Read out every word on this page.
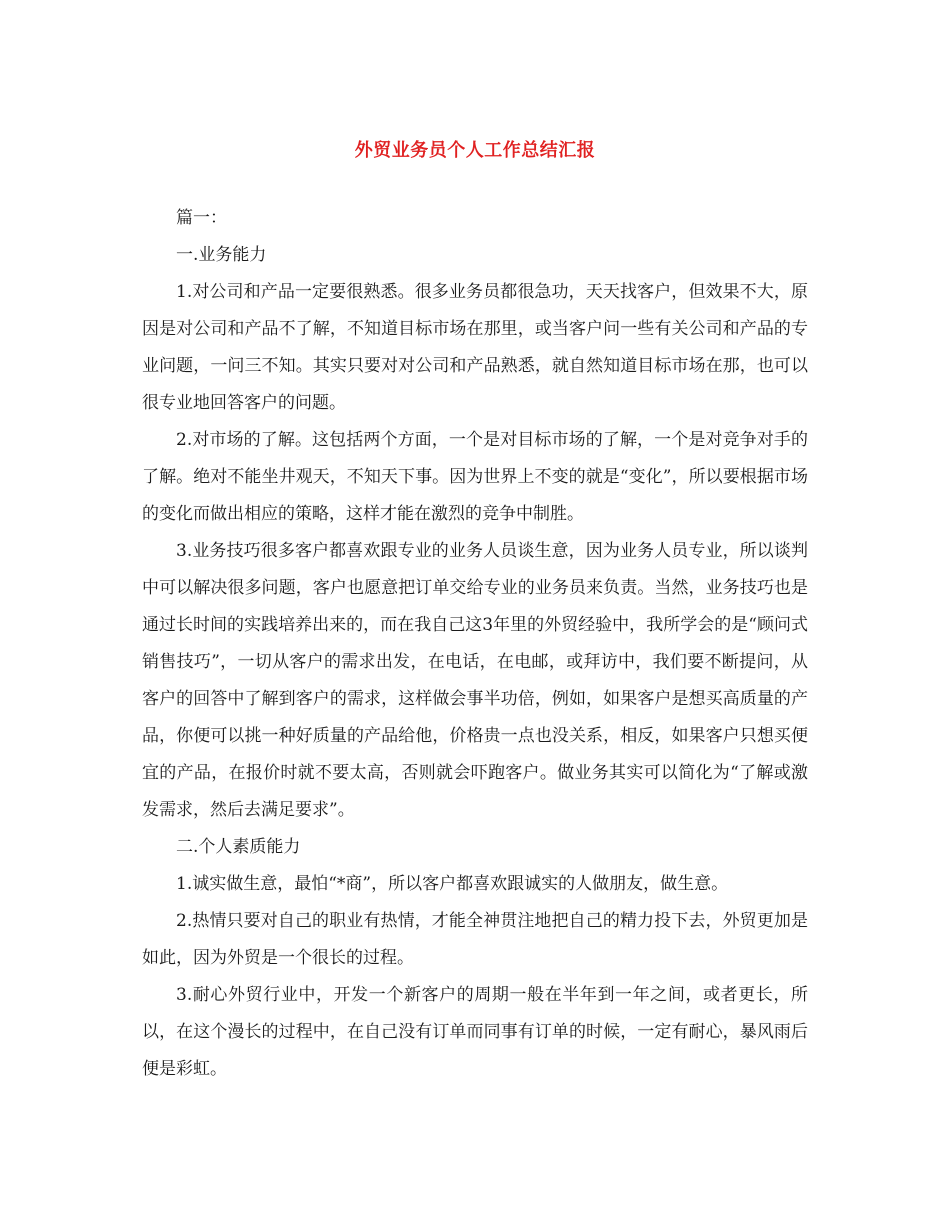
外贸业务员个人工作总结汇报

篇一：

一.业务能力

1.对公司和产品一定要很熟悉。很多业务员都很急功，天天找客户，但效果不大，原因是对公司和产品不了解，不知道目标市场在那里，或当客户问一些有关公司和产品的专业问题，一问三不知。其实只要对对公司和产品熟悉，就自然知道目标市场在那，也可以很专业地回答客户的问题。

2.对市场的了解。这包括两个方面，一个是对目标市场的了解，一个是对竞争对手的了解。绝对不能坐井观天，不知天下事。因为世界上不变的就是“变化”，所以要根据市场的变化而做出相应的策略，这样才能在激烈的竞争中制胜。

3.业务技巧很多客户都喜欢跟专业的业务人员谈生意，因为业务人员专业，所以谈判中可以解决很多问题，客户也愿意把订单交给专业的业务员来负责。当然，业务技巧也是通过长时间的实践培养出来的，而在我自己这3年里的外贸经验中，我所学会的是“顾问式销售技巧”，一切从客户的需求出发，在电话，在电邮，或拜访中，我们要不断提问，从客户的回答中了解到客户的需求，这样做会事半功倍，例如，如果客户是想买高质量的产品，你便可以挑一种好质量的产品给他，价格贵一点也没关系，相反，如果客户只想买便宜的产品，在报价时就不要太高，否则就会吓跑客户。做业务其实可以简化为“了解或激发需求，然后去满足要求”。

二.个人素质能力

1.诚实做生意，最怕“*商”，所以客户都喜欢跟诚实的人做朋友，做生意。

2.热情只要对自己的职业有热情，才能全神贯注地把自己的精力投下去，外贸更加是如此，因为外贸是一个很长的过程。

3.耐心外贸行业中，开发一个新客户的周期一般在半年到一年之间，或者更长，所以，在这个漫长的过程中，在自己没有订单而同事有订单的时候，一定有耐心，暴风雨后便是彩虹。
